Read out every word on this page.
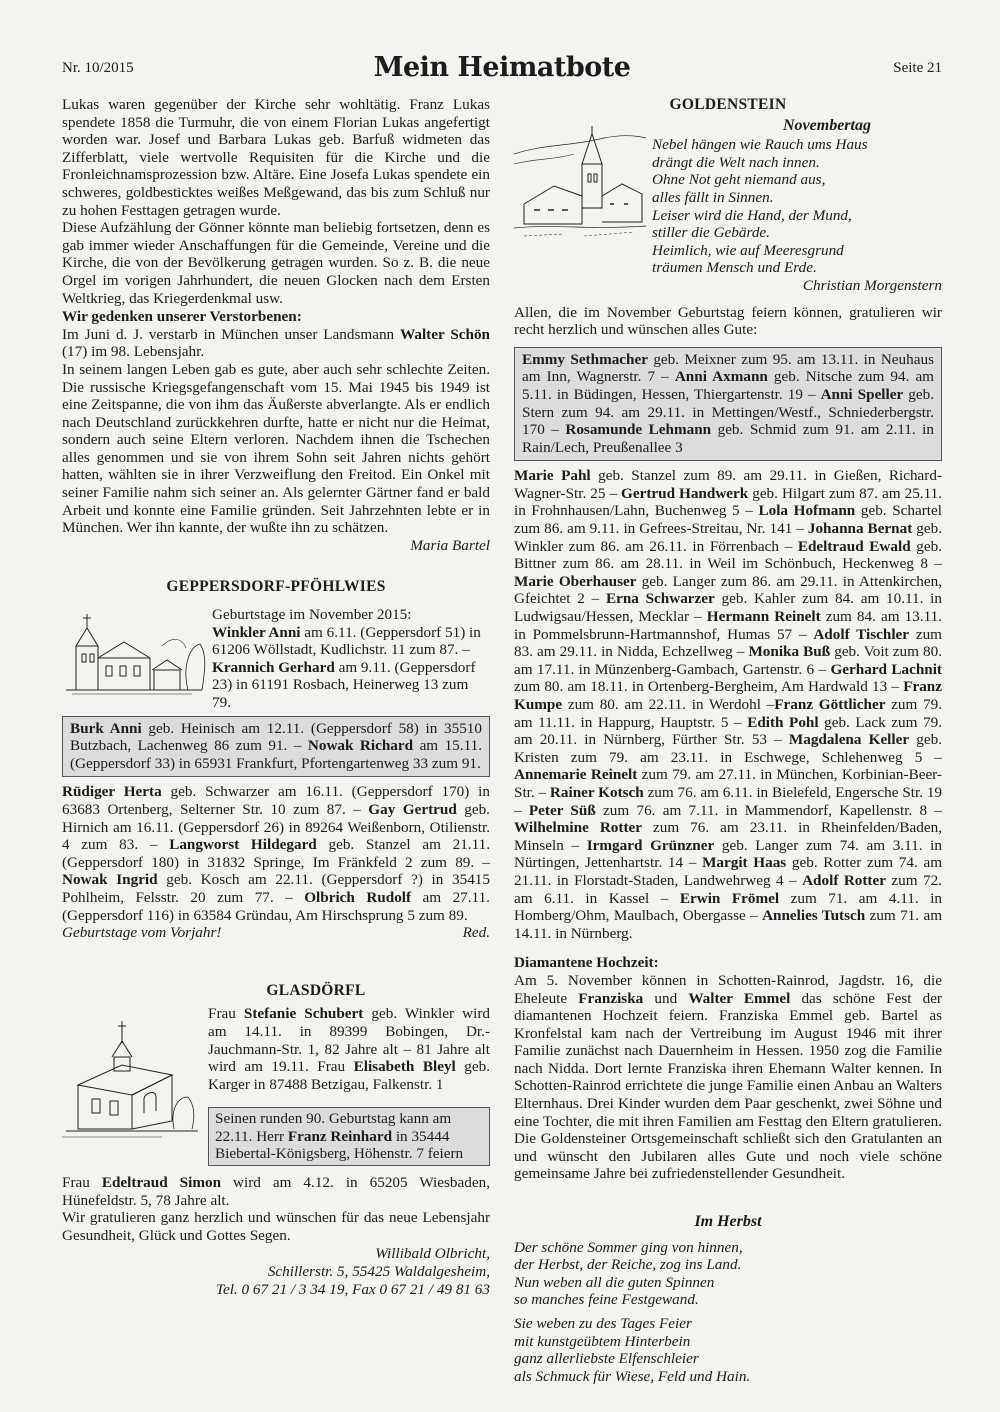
Nr. 10/2015	Mein Heimatbote	Seite 21

Lukas waren gegenüber der Kirche sehr wohltätig. Franz Lukas spendete 1858 die Turmuhr, die von einem Florian Lukas angefertigt worden war. Josef und Barbara Lukas geb. Barfuß widmeten das Zifferblatt, viele wertvolle Requisiten für die Kirche und die Fronleichnamsprozession bzw. Altäre. Eine Josefa Lukas spendete ein schweres, goldbesticktes weißes Meßgewand, das bis zum Schluß nur zu hohen Festtagen getragen wurde.

Diese Aufzählung der Gönner könnte man beliebig fortsetzen, denn es gab immer wieder Anschaffungen für die Gemeinde, Vereine und die Kirche, die von der Bevölkerung getragen wurden. So z. B. die neue Orgel im vorigen Jahrhundert, die neuen Glocken nach dem Ersten Weltkrieg, das Kriegerdenkmal usw.

Wir gedenken unserer Verstorbenen:

Im Juni d. J. verstarb in München unser Landsmann Walter Schön (17) im 98. Lebensjahr.

In seinem langen Leben gab es gute, aber auch sehr schlechte Zeiten. Die russische Kriegsgefangenschaft vom 15. Mai 1945 bis 1949 ist eine Zeitspanne, die von ihm das Äußerste abverlangte. Als er endlich nach Deutschland zurückkehren durfte, hatte er nicht nur die Heimat, sondern auch seine Eltern verloren. Nachdem ihnen die Tschechen alles genommen und sie von ihrem Sohn seit Jahren nichts gehört hatten, wählten sie in ihrer Verzweiflung den Freitod. Ein Onkel mit seiner Familie nahm sich seiner an. Als gelernter Gärtner fand er bald Arbeit und konnte eine Familie gründen. Seit Jahrzehnten lebte er in München. Wer ihn kannte, der wußte ihn zu schätzen.

Maria Bartel

GEPPERSDORF-PFÖHLWIES

Geburtstage im November 2015:

Winkler Anni am 6.11. (Geppersdorf 51) in 61206 Wöllstadt, Kudlichstr. 11 zum 87. –Krannich Gerhard am 9.11. (Geppersdorf 23) in 61191 Rosbach, Heinerweg 13 zum 79.

Burk Anni geb. Heinisch am 12.11. (Geppersdorf 58) in 35510 Butzbach, Lachenweg 86 zum 91. – Nowak Richard am 15.11. (Geppersdorf 33) in 65931 Frankfurt, Pfortengartenweg 33 zum 91.

Rüdiger Herta geb. Schwarzer am 16.11. (Geppersdorf 170) in 63683 Ortenberg, Selterner Str. 10 zum 87. – Gay Gertrud geb. Hirnich am 16.11. (Geppersdorf 26) in 89264 Weißenborn, Otilienstr. 4 zum 83. – Langworst Hildegard geb. Stanzel am 21.11. (Geppersdorf 180) in 31832 Springe, Im Fränkfeld 2 zum 89. – Nowak Ingrid geb. Kosch am 22.11. (Geppersdorf ?) in 35415 Pohlheim, Felsstr. 20 zum 77. – Olbrich Rudolf am 27.11. (Geppersdorf 116) in 63584 Gründau, Am Hirschsprung 5 zum 89.

Geburtstage vom Vorjahr!	Red.

GLASDÖRFL

Frau Stefanie Schubert geb. Winkler wird am 14.11. in 89399 Bobingen, Dr.-Jauchmann-Str. 1, 82 Jahre alt – 81 Jahre alt wird am 19.11. Frau Elisabeth Bleyl geb. Karger in 87488 Betzigau, Falkenstr. 1

Seinen runden 90. Geburtstag kann am 22.11. Herr Franz Reinhard in 35444 Biebertal-Königsberg, Höhenstr. 7 feiern

Frau Edeltraud Simon wird am 4.12. in 65205 Wiesbaden, Hünefeldstr. 5, 78 Jahre alt.

Wir gratulieren ganz herzlich und wünschen für das neue Lebensjahr Gesundheit, Glück und Gottes Segen.

Willibald Olbricht,

Schillerstr. 5, 55425 Waldalgesheim,

Tel. 0 67 21 / 3 34 19, Fax 0 67 21 / 49 81 63

GOLDENSTEIN

Novembertag

Nebel hängen wie Rauch ums Haus

drängt die Welt nach innen.

Ohne Not geht niemand aus,

alles fällt in Sinnen.

Leiser wird die Hand, der Mund,

stiller die Gebärde.

Heimlich, wie auf Meeresgrund

träumen Mensch und Erde.

Christian Morgenstern

Allen, die im November Geburtstag feiern können, gratulieren wir recht herzlich und wünschen alles Gute:

Emmy Sethmacher geb. Meixner zum 95. am 13.11. in Neuhaus am Inn, Wagnerstr. 7 – Anni Axmann geb. Nitsche zum 94. am 5.11. in Büdingen, Hessen, Thiergartenstr. 19 – Anni Speller geb. Stern zum 94. am 29.11. in Mettingen/Westf., Schniederbergstr. 170 – Rosamunde Lehmann geb. Schmid zum 91. am 2.11. in Rain/Lech, Preußenallee 3

Marie Pahl geb. Stanzel zum 89. am 29.11. in Gießen, Richard-Wagner-Str. 25 – Gertrud Handwerk geb. Hilgart zum 87. am 25.11. in Frohnhausen/Lahn, Buchenweg 5 – Lola Hofmann geb. Schartel zum 86. am 9.11. in Gefrees-Streitau, Nr. 141 – Johanna Bernat geb. Winkler zum 86. am 26.11. in Förrenbach – Edeltraud Ewald geb. Bittner zum 86. am 28.11. in Weil im Schönbuch, Heckenweg 8 – Marie Oberhauser geb. Langer zum 86. am 29.11. in Attenkirchen, Gfeichtet 2 – Erna Schwarzer geb. Kahler zum 84. am 10.11. in Ludwigsau/Hessen, Mecklar – Hermann Reinelt zum 84. am 13.11. in Pommelsbrunn-Hartmannshof, Humas 57 – Adolf Tischler zum 83. am 29.11. in Nidda, Echzellweg – Monika Buß geb. Voit zum 80. am 17.11. in Münzenberg-Gambach, Gartenstr. 6 – Gerhard Lachnit zum 80. am 18.11. in Ortenberg-Bergheim, Am Hardwald 13 – Franz Kumpe zum 80. am 22.11. in Werdohl –Franz Göttlicher zum 79. am 11.11. in Happurg, Hauptstr. 5 – Edith Pohl geb. Lack zum 79. am 20.11. in Nürnberg, Fürther Str. 53 – Magdalena Keller geb. Kristen zum 79. am 23.11. in Eschwege, Schlehenweg 5 – Annemarie Reinelt zum 79. am 27.11. in München, Korbinian-Beer-Str. – Rainer Kotsch zum 76. am 6.11. in Bielefeld, Engersche Str. 19 – Peter Süß zum 76. am 7.11. in Mammendorf, Kapellenstr. 8 – Wilhelmine Rotter zum 76. am 23.11. in Rheinfelden/Baden, Minseln – Irmgard Grünzner geb. Langer zum 74. am 3.11. in Nürtingen, Jettenhartstr. 14 – Margit Haas geb. Rotter zum 74. am 21.11. in Florstadt-Staden, Landwehrweg 4 – Adolf Rotter zum 72. am 6.11. in Kassel – Erwin Frömel zum 71. am 4.11. in Homberg/Ohm, Maulbach, Obergasse – Annelies Tutsch zum 71. am 14.11. in Nürnberg.

Diamantene Hochzeit:

Am 5. November können in Schotten-Rainrod, Jagdstr. 16, die Eheleute Franziska und Walter Emmel das schöne Fest der diamantenen Hochzeit feiern. Franziska Emmel geb. Bartel as Kronfelstal kam nach der Vertreibung im August 1946 mit ihrer Familie zunächst nach Dauernheim in Hessen. 1950 zog die Familie nach Nidda. Dort lernte Franziska ihren Ehemann Walter kennen. In Schotten-Rainrod errichtete die junge Familie einen Anbau an Walters Elternhaus. Drei Kinder wurden dem Paar geschenkt, zwei Söhne und eine Tochter, die mit ihren Familien am Festtag den Eltern gratulieren. Die Goldensteiner Ortsgemeinschaft schließt sich den Gratulanten an und wünscht den Jubilaren alles Gute und noch viele schöne gemeinsame Jahre bei zufriedenstellender Gesundheit.

Im Herbst

Der schöne Sommer ging von hinnen,

der Herbst, der Reiche, zog ins Land.

Nun weben all die guten Spinnen

so manches feine Festgewand.

Sie weben zu des Tages Feier

mit kunstgeübtem Hinterbein

ganz allerliebste Elfenschleier

als Schmuck für Wiese, Feld und Hain.
